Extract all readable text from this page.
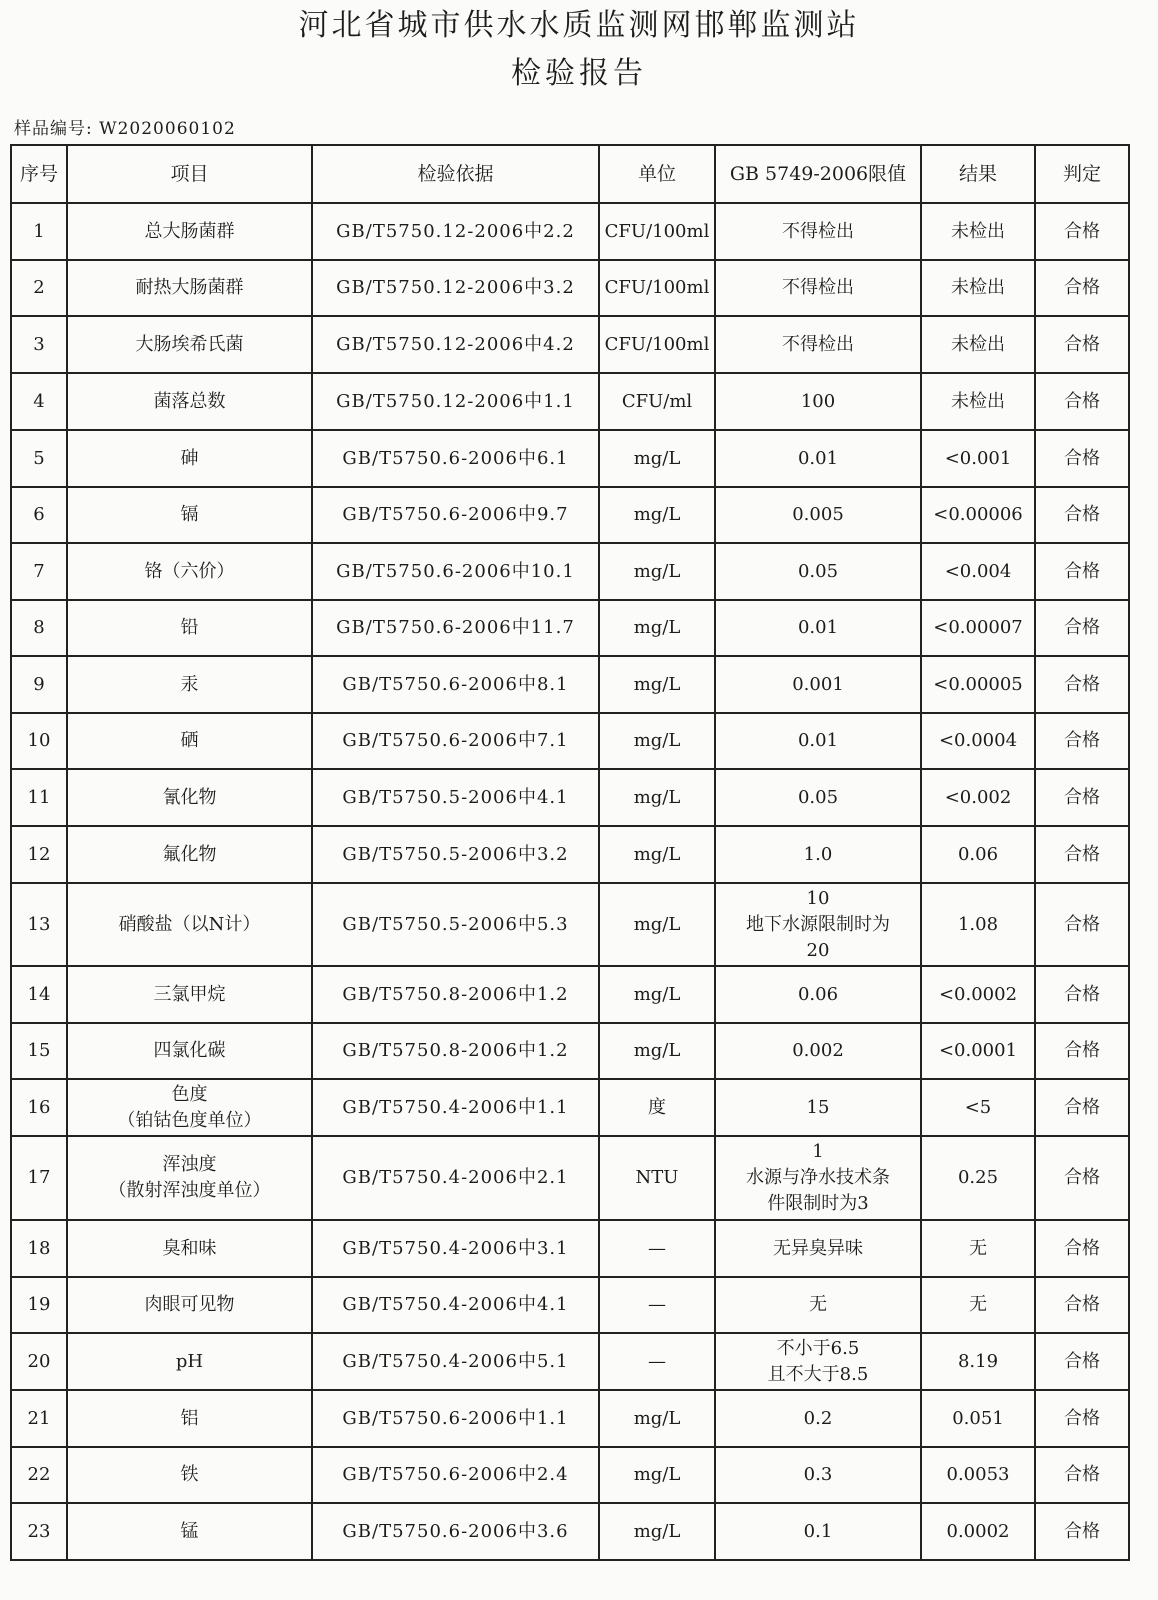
河北省城市供水水质监测网邯郸监测站
检验报告
样品编号: W2020060102
序号	项目	检验依据	单位	GB 5749-2006限值	结果	判定
1	总大肠菌群	GB/T5750.12-2006中2.2	CFU/100ml	不得检出	未检出	合格
2	耐热大肠菌群	GB/T5750.12-2006中3.2	CFU/100ml	不得检出	未检出	合格
3	大肠埃希氏菌	GB/T5750.12-2006中4.2	CFU/100ml	不得检出	未检出	合格
4	菌落总数	GB/T5750.12-2006中1.1	CFU/ml	100	未检出	合格
5	砷	GB/T5750.6-2006中6.1	mg/L	0.01	<0.001	合格
6	镉	GB/T5750.6-2006中9.7	mg/L	0.005	<0.00006	合格
7	铬（六价）	GB/T5750.6-2006中10.1	mg/L	0.05	<0.004	合格
8	铅	GB/T5750.6-2006中11.7	mg/L	0.01	<0.00007	合格
9	汞	GB/T5750.6-2006中8.1	mg/L	0.001	<0.00005	合格
10	硒	GB/T5750.6-2006中7.1	mg/L	0.01	<0.0004	合格
11	氰化物	GB/T5750.5-2006中4.1	mg/L	0.05	<0.002	合格
12	氟化物	GB/T5750.5-2006中3.2	mg/L	1.0	0.06	合格
13	硝酸盐（以N计）	GB/T5750.5-2006中5.3	mg/L	10
地下水源限制时为
20	1.08	合格
14	三氯甲烷	GB/T5750.8-2006中1.2	mg/L	0.06	<0.0002	合格
15	四氯化碳	GB/T5750.8-2006中1.2	mg/L	0.002	<0.0001	合格
16	色度
（铂钴色度单位）	GB/T5750.4-2006中1.1	度	15	<5	合格
17	浑浊度
（散射浑浊度单位）	GB/T5750.4-2006中2.1	NTU	1
水源与净水技术条
件限制时为3	0.25	合格
18	臭和味	GB/T5750.4-2006中3.1	—	无异臭异味	无	合格
19	肉眼可见物	GB/T5750.4-2006中4.1	—	无	无	合格
20	pH	GB/T5750.4-2006中5.1	—	不小于6.5
且不大于8.5	8.19	合格
21	铝	GB/T5750.6-2006中1.1	mg/L	0.2	0.051	合格
22	铁	GB/T5750.6-2006中2.4	mg/L	0.3	0.0053	合格
23	锰	GB/T5750.6-2006中3.6	mg/L	0.1	0.0002	合格
